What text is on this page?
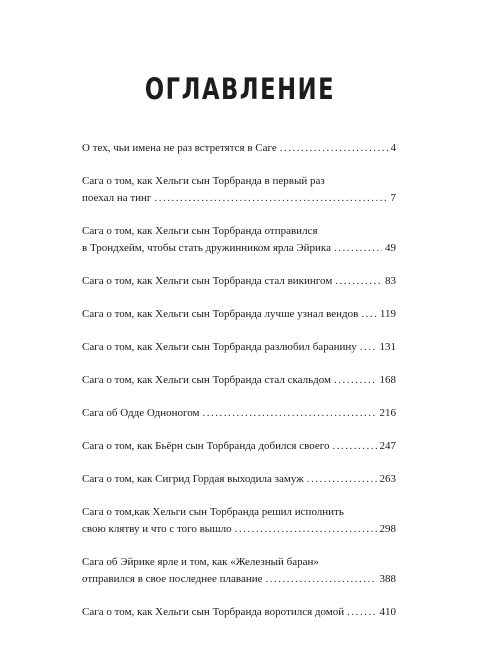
ОГЛАВЛЕНИЕ
О тех, чьи имена не раз встретятся в Саге .....	4
Сага о том, как Хельги сын Торбранда в первый раз
поехал на тинг .....	7
Сага о том, как Хельги сын Торбранда отправился
в Трондхейм, чтобы стать дружинником ярла Эйрика .....	49
Сага о том, как Хельги сын Торбранда стал викингом .....	83
Сага о том, как Хельги сын Торбранда лучше узнал вендов ..... 119
Сага о том, как Хельги сын Торбранда разлюбил баранину ..... 131
Сага о том, как Хельги сын Торбранда стал скальдом .....	168
Сага об Одде Одноногом .....	216
Сага о том, как Бьёрн сын Торбранда добился своего .....	247
Сага о том, как Сигрид Гордая выходила замуж .....	263
Сага о том,как Хельги сын Торбранда решил исполнить
свою клятву и что с того вышло .....	298
Сага об Эйрике ярле и том, как «Железный баран»
отправился в свое последнее плавание .....	388
Сага о том, как Хельги сын Торбранда воротился домой .....	410
